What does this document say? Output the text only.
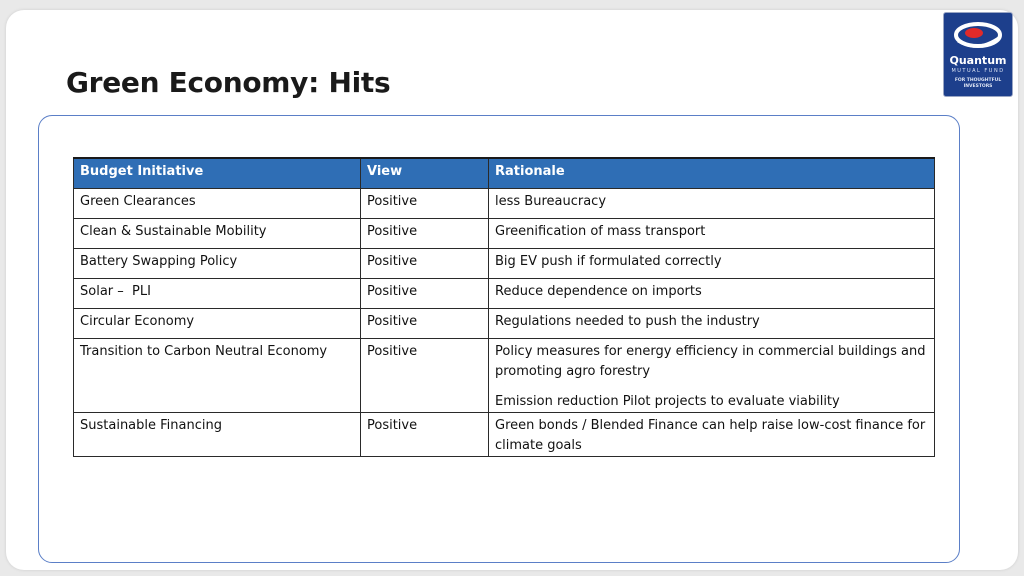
Green Economy: Hits
Quantum
MUTUAL FUND
FOR THOUGHTFUL INVESTORS
Budget Initiative	View	Rationale
Green Clearances	Positive	less Bureaucracy

Clean & Sustainable Mobility	Positive	Greenification of mass transport

Battery Swapping Policy	Positive	Big EV push if formulated correctly

Solar –  PLI	Positive	Reduce dependence on imports

Circular Economy	Positive	Regulations needed to push the industry

Transition to Carbon Neutral Economy	Positive	Policy measures for energy efficiency in commercial buildings and promoting agro forestry
Emission reduction Pilot projects to evaluate viability

Sustainable Financing	Positive	Green bonds / Blended Finance can help raise low-cost finance for climate goals
